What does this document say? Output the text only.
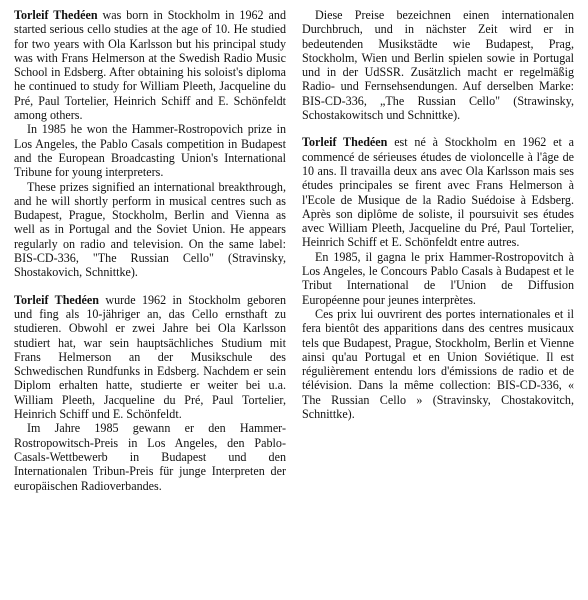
Torleif Thedéen was born in Stockholm in 1962 and started serious cello studies at the age of 10. He studied for two years with Ola Karlsson but his principal study was with Frans Helmerson at the Swedish Radio Music School in Edsberg. After obtaining his soloist's diploma he continued to study for William Pleeth, Jacqueline du Pré, Paul Tortelier, Heinrich Schiff and E. Schönfeldt among others.

In 1985 he won the Hammer-Rostropovich prize in Los Angeles, the Pablo Casals competition in Budapest and the European Broadcasting Union's International Tribune for young interpreters.

These prizes signified an international breakthrough, and he will shortly perform in musical centres such as Budapest, Prague, Stockholm, Berlin and Vienna as well as in Portugal and the Soviet Union. He appears regularly on radio and television. On the same label: BIS-CD-336, "The Russian Cello" (Stravinsky, Shostakovich, Schnittke).

Torleif Thedéen wurde 1962 in Stockholm geboren und fing als 10-jähriger an, das Cello ernsthaft zu studieren. Obwohl er zwei Jahre bei Ola Karlsson studiert hat, war sein hauptsächliches Studium mit Frans Helmerson an der Musikschule des Schwedischen Rundfunks in Edsberg. Nachdem er sein Diplom erhalten hatte, studierte er weiter bei u.a. William Pleeth, Jacqueline du Pré, Paul Tortelier, Heinrich Schiff und E. Schönfeldt.

Im Jahre 1985 gewann er den Hammer-Rostropowitsch-Preis in Los Angeles, den Pablo-Casals-Wettbewerb in Budapest und den Internationalen Tribun-Preis für junge Interpreten der europäischen Radioverbandes.

Diese Preise bezeichnen einen internationalen Durchbruch, und in nächster Zeit wird er in bedeutenden Musikstädte wie Budapest, Prag, Stockholm, Wien und Berlin spielen sowie in Portugal und in der UdSSR. Zusätzlich macht er regelmäßig Radio- und Fernsehsendungen. Auf derselben Marke: BIS-CD-336, „The Russian Cello" (Strawinsky, Schostakowitsch und Schnittke).

Torleif Thedéen est né à Stockholm en 1962 et a commencé de sérieuses études de violoncelle à l'âge de 10 ans. Il travailla deux ans avec Ola Karlsson mais ses études principales se firent avec Frans Helmerson à l'Ecole de Musique de la Radio Suédoise à Edsberg. Après son diplôme de soliste, il poursuivit ses études avec William Pleeth, Jacqueline du Pré, Paul Tortelier, Heinrich Schiff et E. Schönfeldt entre autres.

En 1985, il gagna le prix Hammer-Rostropovitch à Los Angeles, le Concours Pablo Casals à Budapest et le Tribut International de l'Union de Diffusion Européenne pour jeunes interprètes.

Ces prix lui ouvrirent des portes internationales et il fera bientôt des apparitions dans des centres musicaux tels que Budapest, Prague, Stockholm, Berlin et Vienne ainsi qu'au Portugal et en Union Soviétique. Il est régulièrement entendu lors d'émissions de radio et de télévision. Dans la même collection: BIS-CD-336, « The Russian Cello » (Stravinsky, Chostakovitch, Schnittke).
